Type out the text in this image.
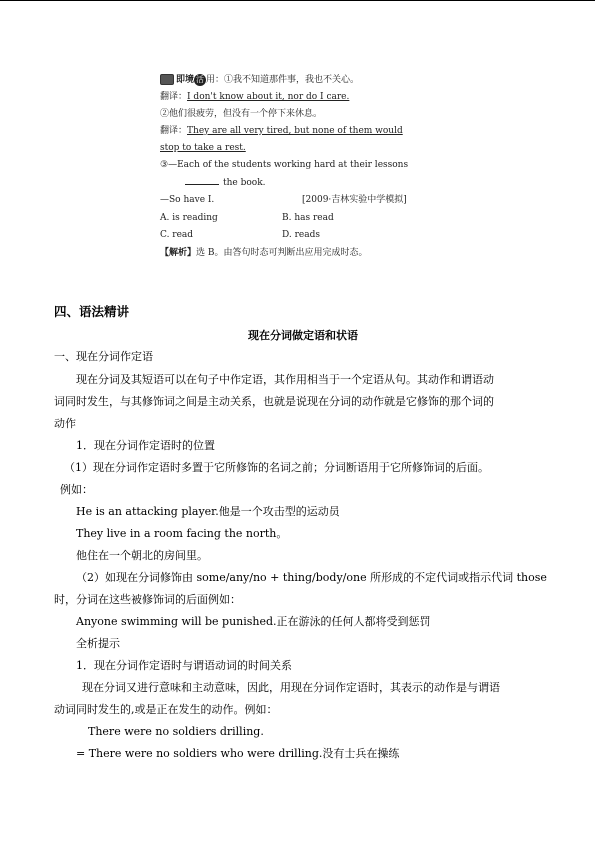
即境 活 用：①我不知道那件事，我也不关心。
翻译：I don't know about it, nor do I care.
②他们很疲劳，但没有一个停下来休息。
翻译：They are all very tired, but none of them would
stop to take a rest.
③—Each of the students working hard at their lessons
the book.
—So have I.	[2009·吉林实验中学模拟]
A. is reading	B. has read
C. read	D. reads
【解析】选 B。由答句时态可判断出应用完成时态。
四、语法精讲
现在分词做定语和状语
一、现在分词作定语
现在分词及其短语可以在句子中作定语，其作用相当于一个定语从句。其动作和谓语动
词同时发生，与其修饰词之间是主动关系，也就是说现在分词的动作就是它修饰的那个词的
动作
1．现在分词作定语时的位置
（1）现在分词作定语时多置于它所修饰的名词之前；分词断语用于它所修饰词的后面。
例如：
He is an attacking player.他是一个攻击型的运动员
They live in a room facing the north。
他住在一个朝北的房间里。
（2）如现在分词修饰由 some/any/no + thing/body/one 所形成的不定代词或指示代词 those
时，分词在这些被修饰词的后面例如：
Anyone swimming will be punished.正在游泳的任何人都将受到惩罚
全析提示
1．现在分词作定语时与谓语动词的时间关系
现在分词又进行意味和主动意味，因此，用现在分词作定语时，其表示的动作是与谓语
动词同时发生的,或是正在发生的动作。例如：
There were no soldiers drilling.
= There were no soldiers who were drilling.没有士兵在操练
